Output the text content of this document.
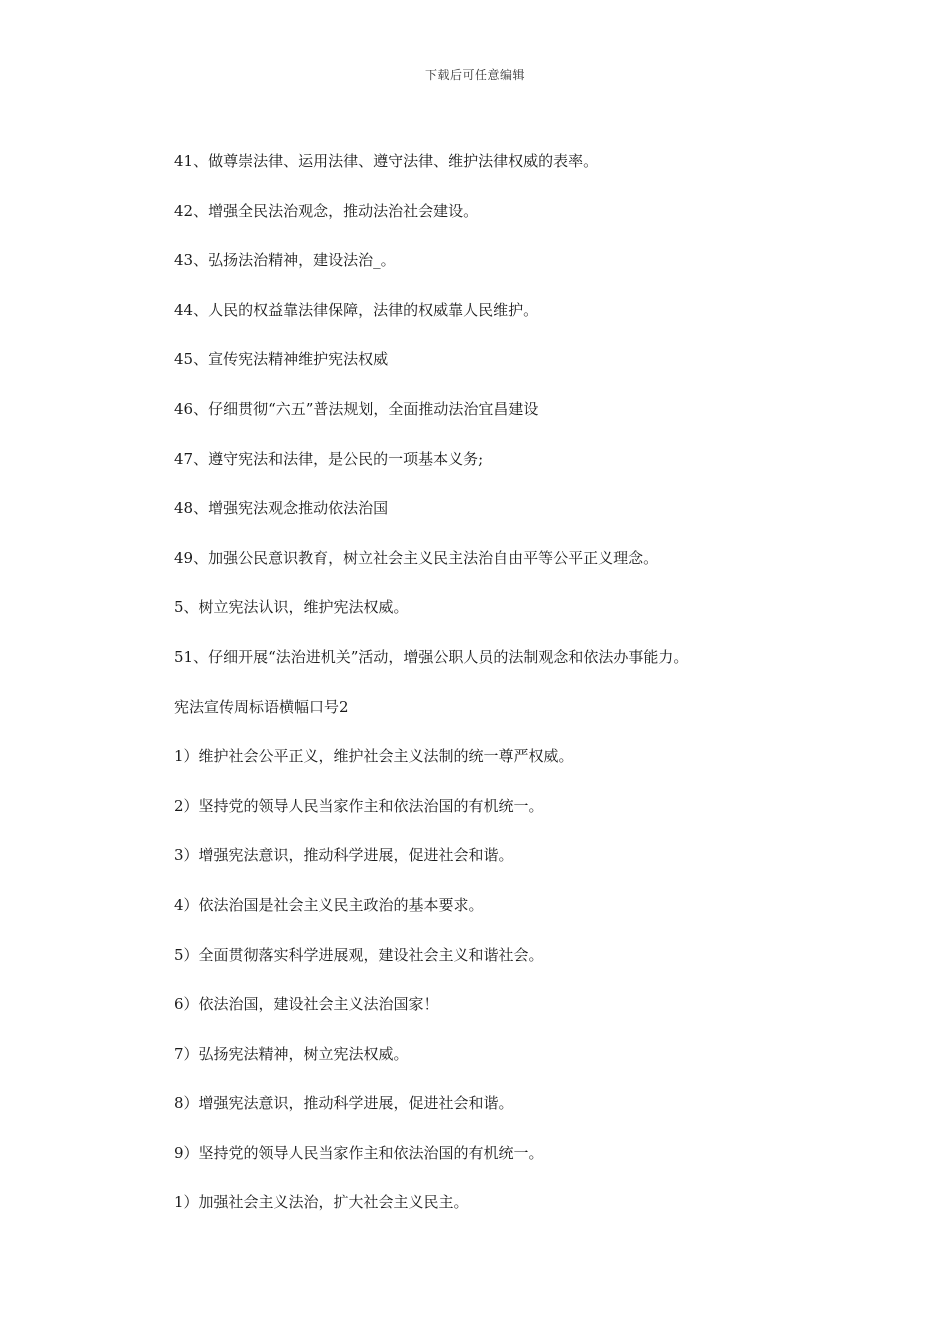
下载后可任意编辑
41、做尊崇法律、运用法律、遵守法律、维护法律权威的表率。
42、增强全民法治观念，推动法治社会建设。
43、弘扬法治精神，建设法治_。
44、人民的权益靠法律保障，法律的权威靠人民维护。
45、宣传宪法精神维护宪法权威
46、仔细贯彻“六五”普法规划，全面推动法治宜昌建设
47、遵守宪法和法律，是公民的一项基本义务;
48、增强宪法观念推动依法治国
49、加强公民意识教育，树立社会主义民主法治自由平等公平正义理念。
5、树立宪法认识，维护宪法权威。
51、仔细开展“法治进机关”活动，增强公职人员的法制观念和依法办事能力。
宪法宣传周标语横幅口号2
1）维护社会公平正义，维护社会主义法制的统一尊严权威。
2）坚持党的领导人民当家作主和依法治国的有机统一。
3）增强宪法意识，推动科学进展，促进社会和谐。
4）依法治国是社会主义民主政治的基本要求。
5）全面贯彻落实科学进展观，建设社会主义和谐社会。
6）依法治国，建设社会主义法治国家！
7）弘扬宪法精神，树立宪法权威。
8）增强宪法意识，推动科学进展，促进社会和谐。
9）坚持党的领导人民当家作主和依法治国的有机统一。
1）加强社会主义法治，扩大社会主义民主。
